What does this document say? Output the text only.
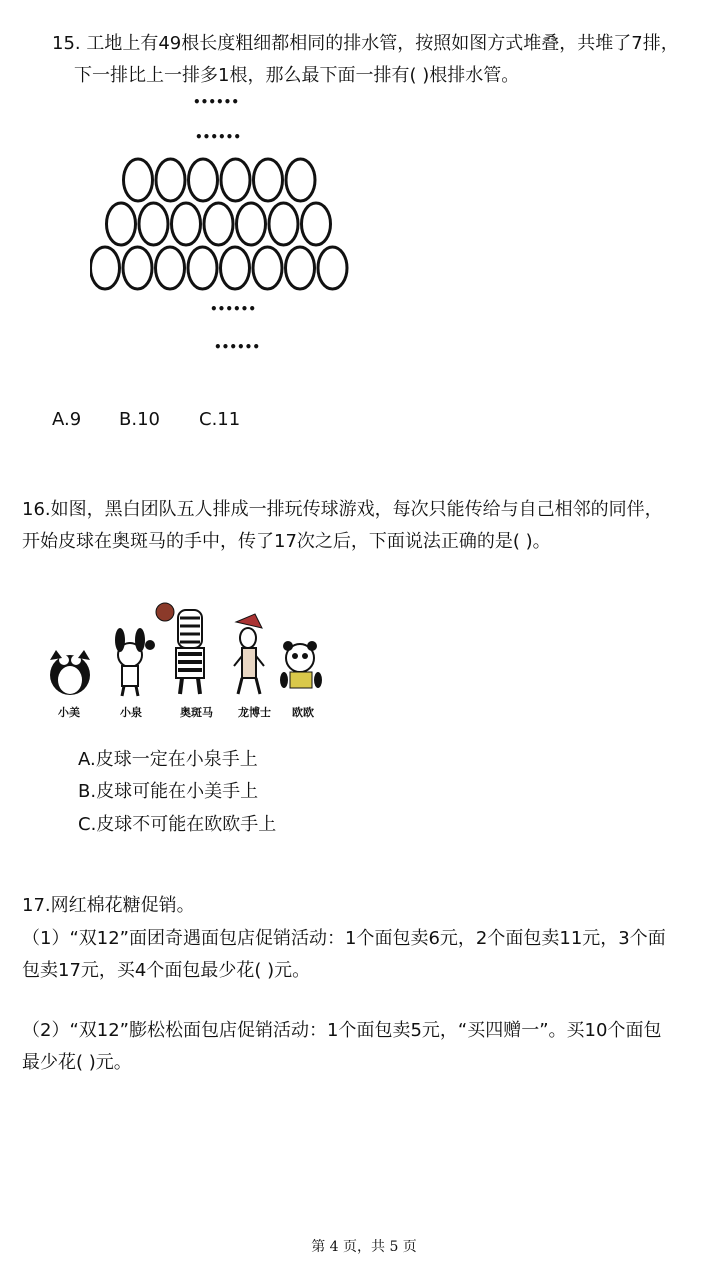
15. 工地上有49根长度粗细都相同的排水管，按照如图方式堆叠，共堆了7排，
下一排比上一排多1根，那么最下面一排有( )根排水管。
••••••
••••••
••••••
••••••
A.9 B.10 C.11
16.如图，黑白团队五人排成一排玩传球游戏，每次只能传给与自己相邻的同伴，
开始皮球在奥斑马的手中，传了17次之后，下面说法正确的是( )。
小美	小泉	奥斑马 龙博士 欧欧
A.皮球一定在小泉手上
B.皮球可能在小美手上
C.皮球不可能在欧欧手上
17.网红棉花糖促销。
（1）“双12”面团奇遇面包店促销活动：1个面包卖6元，2个面包卖11元，3个面
包卖17元，买4个面包最少花( )元。
（2）“双12”膨松松面包店促销活动：1个面包卖5元，“买四赠一”。买10个面包
最少花( )元。
第 4 页，共 5 页
